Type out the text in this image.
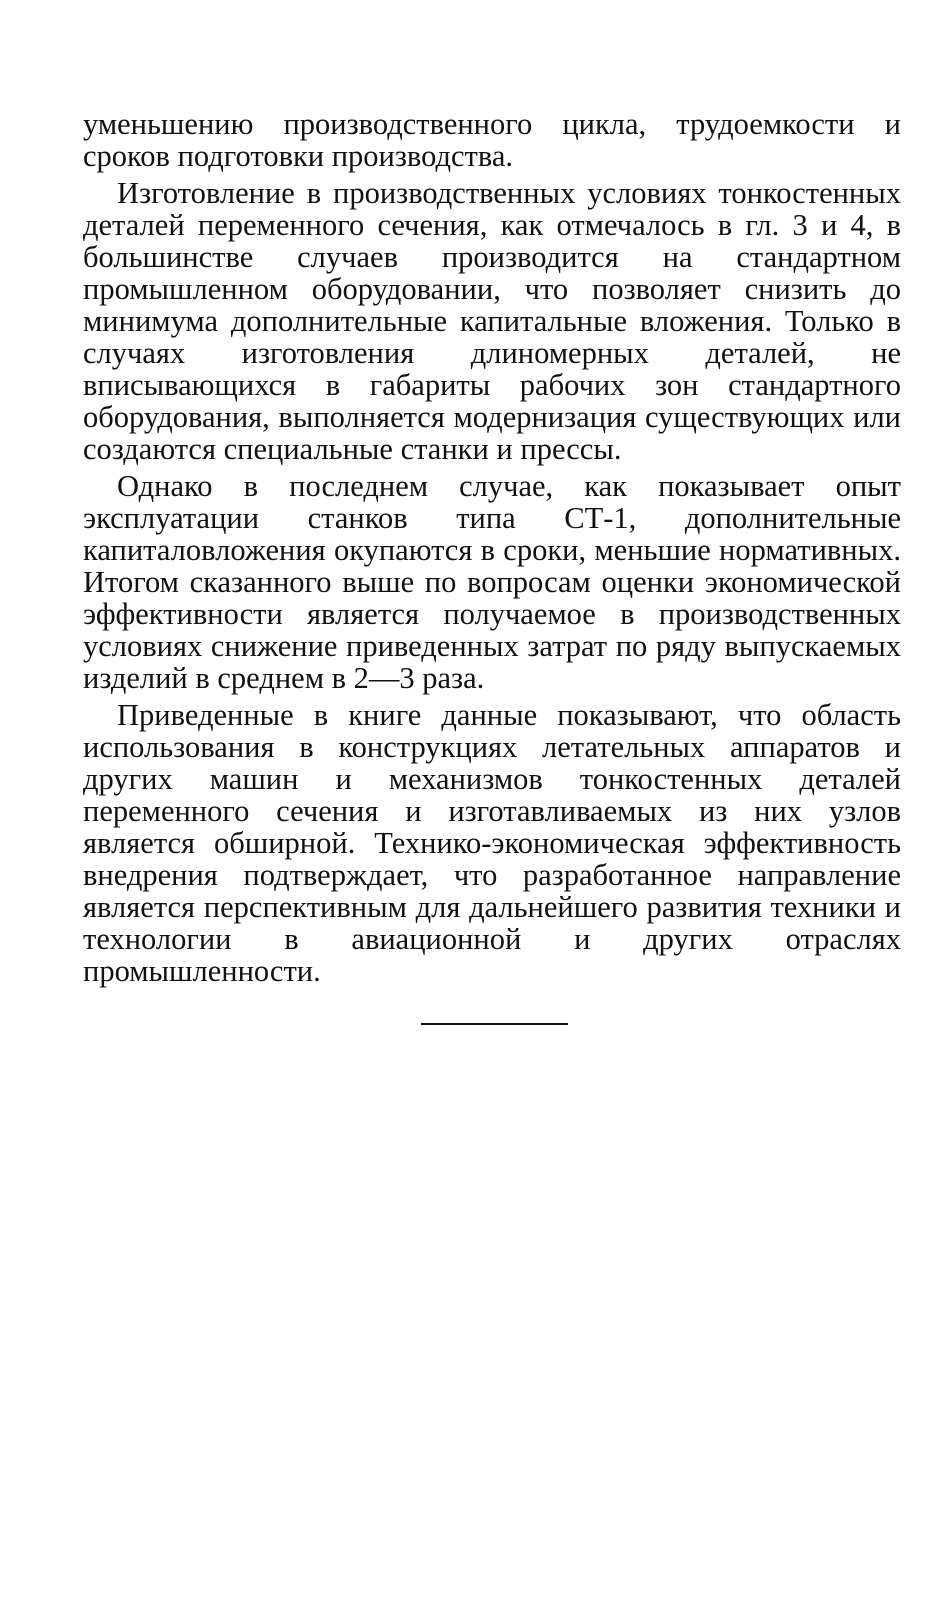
уменьшению производственного цикла, трудоемкости и сроков подготовки производства.

Изготовление в производственных условиях тонкостенных деталей переменного сечения, как отмечалось в гл. 3 и 4, в большинстве случаев производится на стандартном промышленном оборудовании, что позволяет снизить до минимума дополнительные капитальные вложения. Только в случаях изготовления длиномерных деталей, не вписывающихся в габариты рабочих зон стандартного оборудования, выполняется модернизация существующих или создаются специальные станки и прессы.

Однако в последнем случае, как показывает опыт эксплуатации станков типа СТ-1, дополнительные капиталовложения окупаются в сроки, меньшие нормативных. Итогом сказанного выше по вопросам оценки экономической эффективности является получаемое в производственных условиях снижение приведенных затрат по ряду выпускаемых изделий в среднем в 2—3 раза.

Приведенные в книге данные показывают, что область использования в конструкциях летательных аппаратов и других машин и механизмов тонкостенных деталей переменного сечения и изготавливаемых из них узлов является обширной. Технико-экономическая эффективность внедрения подтверждает, что разработанное направление является перспективным для дальнейшего развития техники и технологии в авиационной и других отраслях промышленности.
